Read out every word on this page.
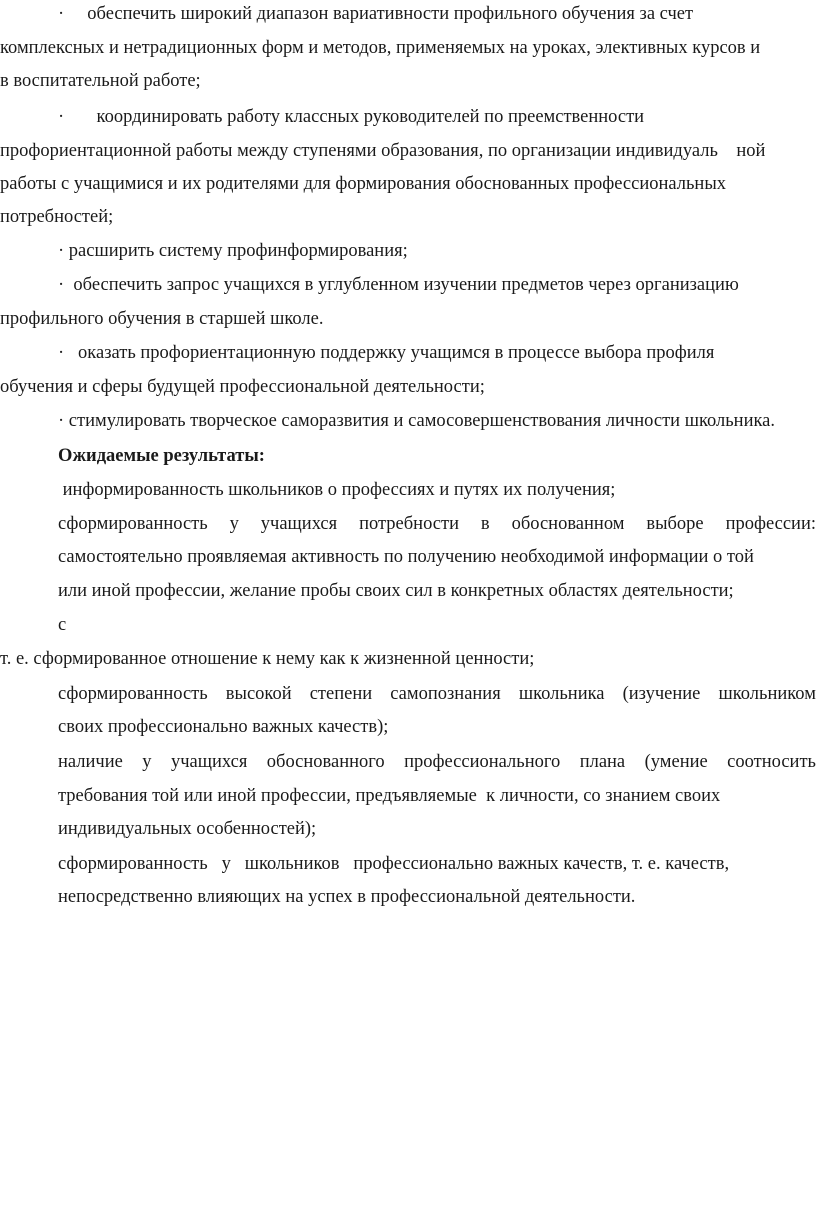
·     обеспечить широкий диапазон вариативности профильного обучения за счет
комплексных и нетрадиционных форм и методов, применяемых на уроках, элективных курсов и
в воспитательной работе;
·       координировать работу классных руководителей по преемственности
профориентационной работы между ступенями образования, по организации индивидуаль    ной
работы с учащимися и их родителями для формирования обоснованных профессиональных
потребностей;
· расширить систему профинформирования;
·  обеспечить запрос учащихся в углубленном изучении предметов через организацию
профильного обучения в старшей школе.
·   оказать профориентационную поддержку учащимся в процессе выбора профиля
обучения и сферы будущей профессиональной деятельности;
· стимулировать творческое саморазвития и самосовершенствования личности школьника.
Ожидаемые результаты:
информированность школьников о профессиях и путях их получения;
сформированность у учащихся потребности в обоснованном выборе профессии:
самостоятельно проявляемая активность по получению необходимой информации о той
или иной профессии, желание пробы своих сил в конкретных областях деятельности;
с
т. е. сформированное отношение к нему как к жизненной ценности;
сформированность высокой степени самопознания школьника (изучение школьником
своих профессионально важных качеств);
наличие у учащихся обоснованного профессионального плана (умение соотносить
требования той или иной профессии, предъявляемые  к личности, со знанием своих
индивидуальных особенностей);
сформированность   у   школьников   профессионально важных качеств, т. е. качеств,
непосредственно влияющих на успех в профессиональной деятельности.
